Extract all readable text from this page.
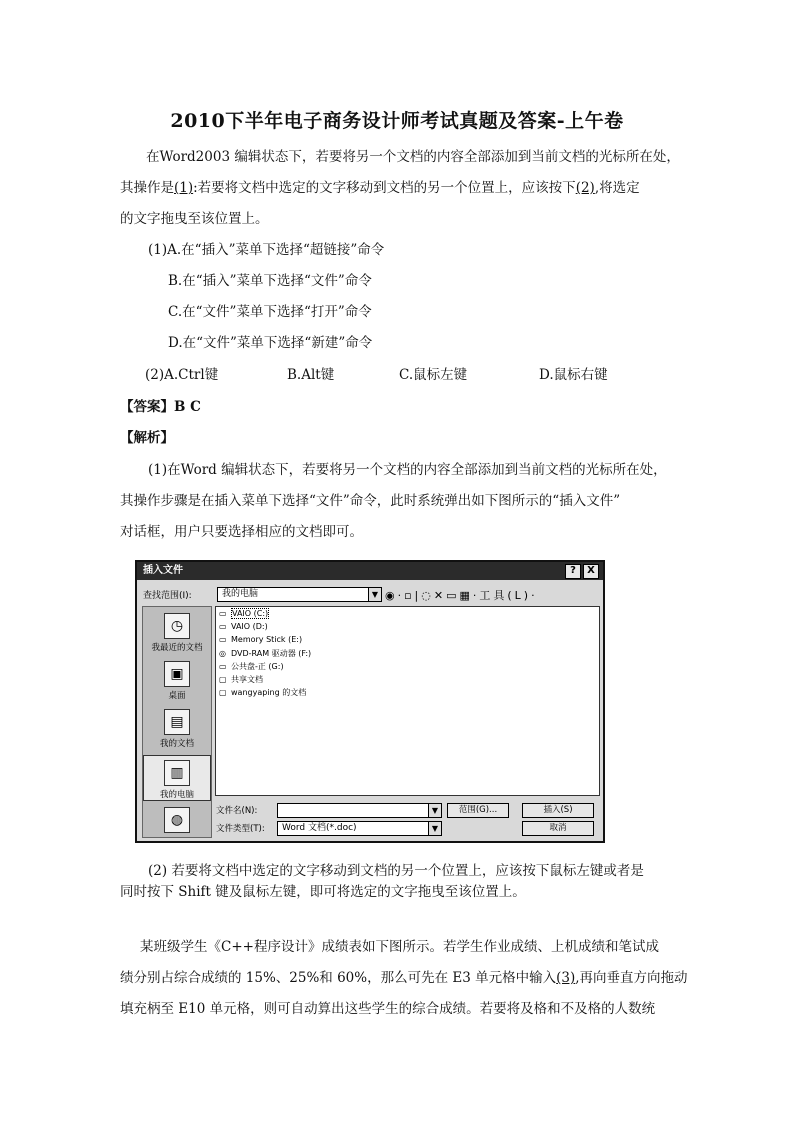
2010下半年电子商务设计师考试真题及答案-上午卷
在Word2003 编辑状态下，若要将另一个文档的内容全部添加到当前文档的光标所在处，
其操作是(1):若要将文档中选定的文字移动到文档的另一个位置上，应该按下(2),将选定
的文字拖曳至该位置上。
(1)A.在“插入”菜单下选择“超链接”命令
B.在“插入”菜单下选择“文件”命令
C.在“文件”菜单下选择“打开”命令
D.在“文件”菜单下选择“新建”命令
(2)A.Ctrl键	B.Alt键	C.鼠标左键	D.鼠标右键
【答案】B C
【解析】
(1)在Word 编辑状态下，若要将另一个文档的内容全部添加到当前文档的光标所在处，
其操作步骤是在插入菜单下选择“文件”命令，此时系统弹出如下图所示的“插入文件”
对话框，用户只要选择相应的文档即可。
插入文件	?	X
查找范围(I):	我的电脑	▼ ◉·▫|◌✕▭▦·工具(L)·
◷
我最近的文档
▣
桌面
▤
我的文档
▥
我的电脑
◍
▭ VAIO (C:)
▭ VAIO (D:)
▭ Memory Stick (E:)
◎ DVD-RAM 驱动器 (F:)
▭ 公共盘-正 (G:)
▢ 共享文档
▢ wangyaping 的文档
文件名(N):	▼	范围(G)...	插入(S)
文件类型(T):	Word 文档(*.doc)	▼	取消
(2) 若要将文档中选定的文字移动到文档的另一个位置上，应该按下鼠标左键或者是
同时按下 Shift 键及鼠标左键，即可将选定的文字拖曳至该位置上。
某班级学生《C++程序设计》成绩表如下图所示。若学生作业成绩、上机成绩和笔试成
绩分别占综合成绩的 15%、25%和 60%，那么可先在 E3 单元格中输入(3),再向垂直方向拖动
填充柄至 E10 单元格，则可自动算出这些学生的综合成绩。若要将及格和不及格的人数统
